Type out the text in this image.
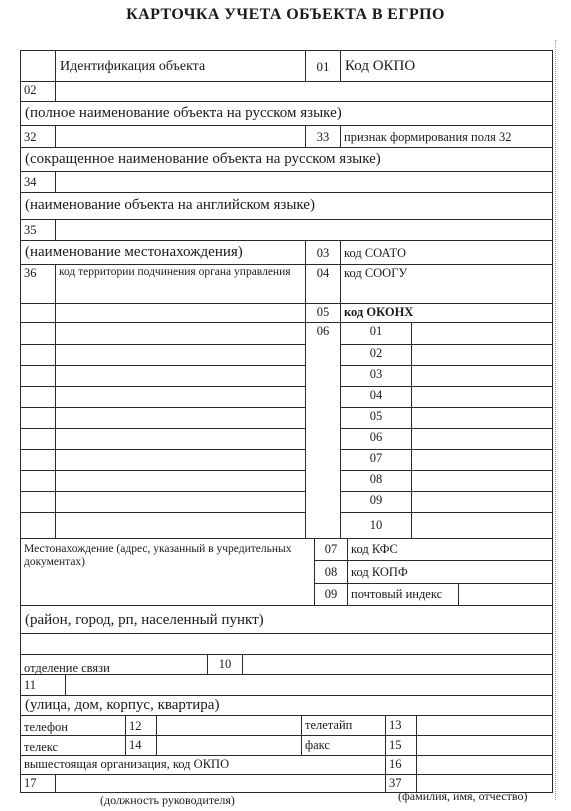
КАРТОЧКА УЧЕТА ОБЪЕКТА В ЕГРПО
Идентификация объекта	01	Код ОКПО
02
(полное наименование объекта на русском языке)
32	33	признак формирования поля 32
(сокращенное наименование объекта на русском языке)
34
(наименование объекта на английском языке)
35
(наименование местонахождения)	03	код СОАТО
36	код территории подчинения органа управления	04	код СООГУ
05	код ОКОНХ
06	01
02
03
04
05
06
07
08
09
10
Местонахождение (адрес, указанный в учредительных документах)
07	код КФС
08	код КОПФ
09	почтовый индекс
(район, город, рп, населенный пункт)
отделение связи	10
11
(улица, дом, корпус, квартира)
телефон	12	телетайп	13
телекс	14	факс	15
вышестоящая организация, код ОКПО	16
17	37
(должность руководителя)	(фамилия, имя, отчество)
